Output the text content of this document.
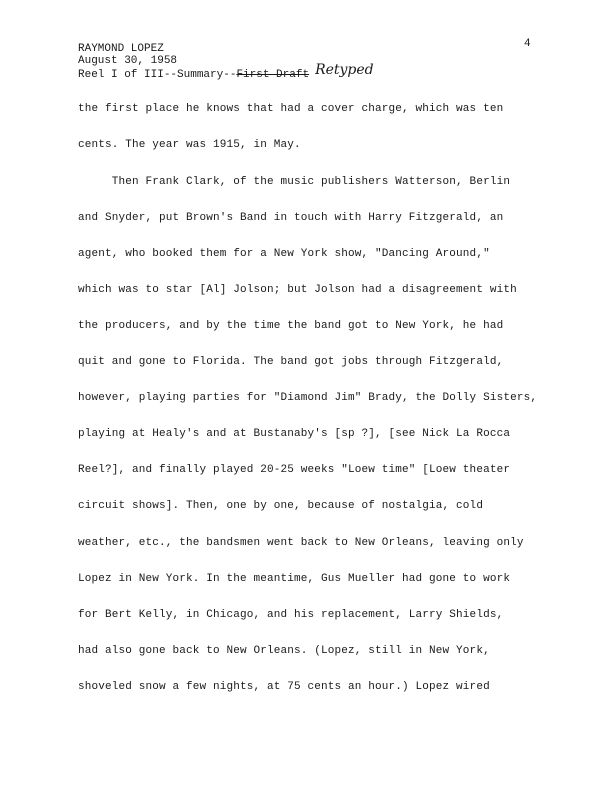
RAYMOND LOPEZ
August 30, 1958
Reel I of III--Summary--First Draft Retyped
4
the first place he knows that had a cover charge, which was ten
cents. The year was 1915, in May.
Then Frank Clark, of the music publishers Watterson, Berlin
and Snyder, put Brown's Band in touch with Harry Fitzgerald, an
agent, who booked them for a New York show, "Dancing Around,"
which was to star [Al] Jolson; but Jolson had a disagreement with
the producers, and by the time the band got to New York, he had
quit and gone to Florida. The band got jobs through Fitzgerald,
however, playing parties for "Diamond Jim" Brady, the Dolly Sisters,
playing at Healy's and at Bustanaby's [sp ?], [see Nick La Rocca
Reel?], and finally played 20-25 weeks "Loew time" [Loew theater
circuit shows]. Then, one by one, because of nostalgia, cold
weather, etc., the bandsmen went back to New Orleans, leaving only
Lopez in New York. In the meantime, Gus Mueller had gone to work
for Bert Kelly, in Chicago, and his replacement, Larry Shields,
had also gone back to New Orleans. (Lopez, still in New York,
shoveled snow a few nights, at 75 cents an hour.) Lopez wired
